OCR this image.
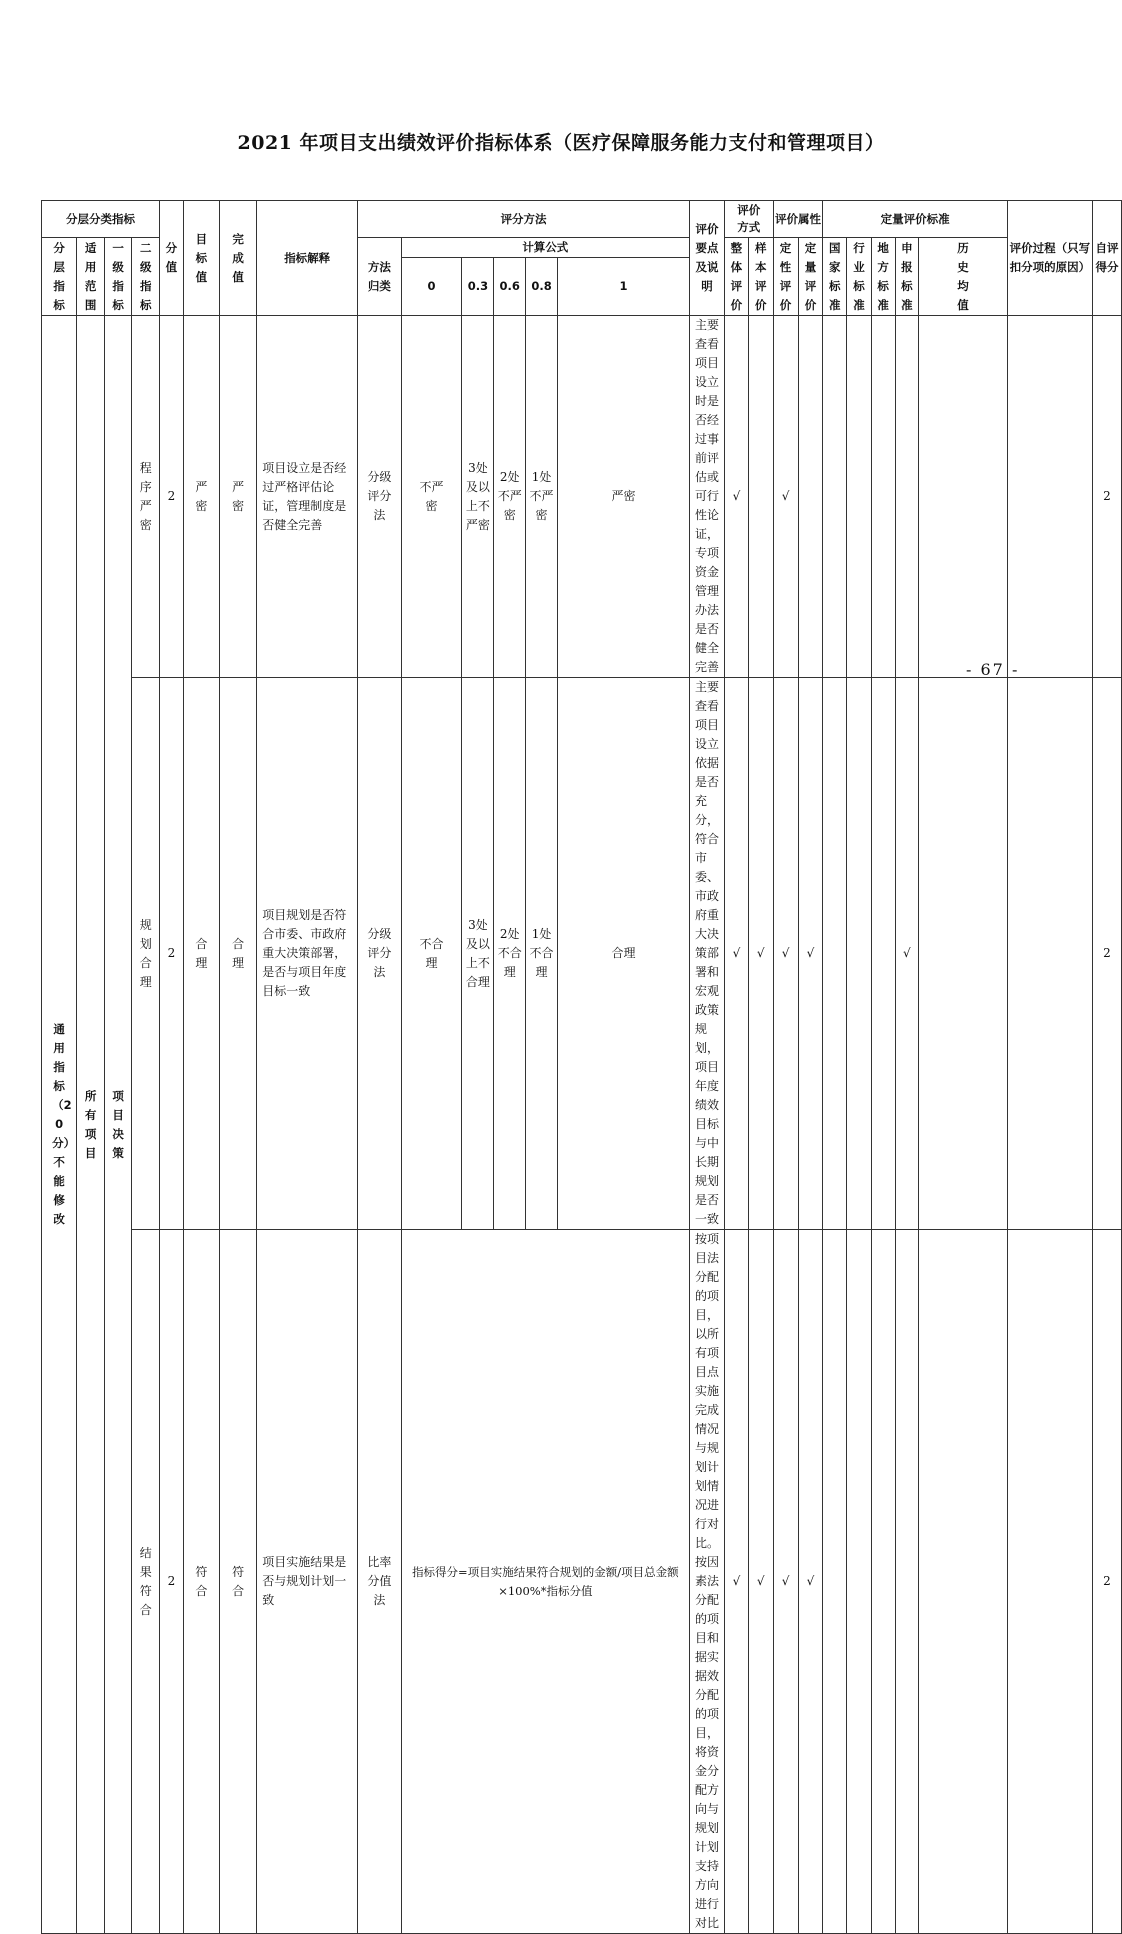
2021 年项目支出绩效评价指标体系（医疗保障服务能力支付和管理项目）
分层分类指标				分值	目标值	完成值	指标解释	评分方法						评价要点及说明	评价方式		评价属性		定量评价标准					评价过程（只写扣分项的原因）	自评得分

分层指标	适用范围	一级指标	二级指标					方法归类	计算公式						整体评价	样本评价	定性评价	定量评价	国家标准	行业标准	地方标准	申报标准	历史均值		

									0	0.3	0.6	0.8	1												

通用指标（20分）不能修改	所有项目	项目决策	程序严密	2	严密	严密	项目设立是否经过严格评估论证，管理制度是否健全完善	分级评分法	不严密	3处及以上不严密	2处不严密	1处不严密	严密	主要查看项目设立时是否经过事前评估或可行性论证，专项资金管理办法是否健全完善	√		√								2

			规划合理	2	合理	合理	项目规划是否符合市委、市政府重大决策部署，是否与项目年度目标一致	分级评分法	不合理	3处及以上不合理	2处不合理	1处不合理	合理	主要查看项目设立依据是否充分，符合市委、市政府重大决策部署和宏观政策规划，项目年度绩效目标与中长期规划是否一致	√	√	√	√				√			2

			结果符合	2	符合	符合	项目实施结果是否与规划计划一致	比率分值法	指标得分=项目实施结果符合规划的金额/项目总金额×100%*指标分值					按项目法分配的项目，以所有项目点实施完成情况与规划计划情况进行对比。按因素法分配的项目和据实据效分配的项目，将资金分配方向与规划计划支持方向进行对比	√	√	√	√							2
- 67 -
